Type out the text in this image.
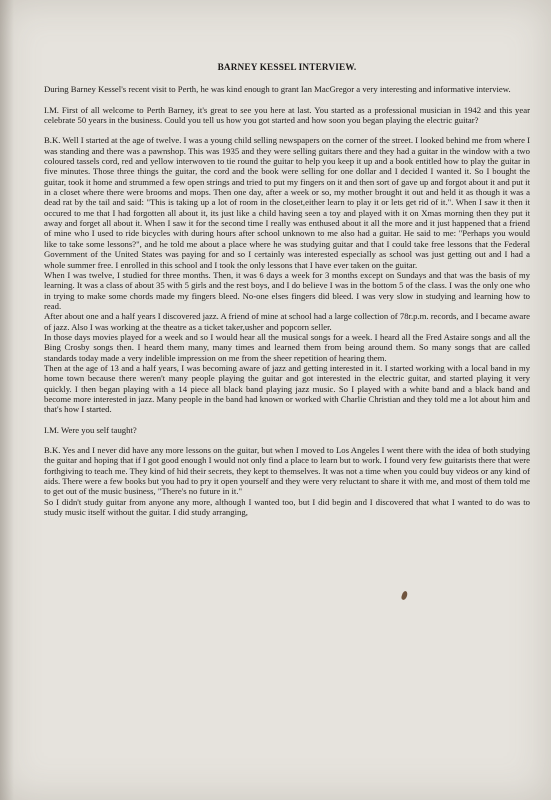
BARNEY KESSEL INTERVIEW.

During Barney Kessel's recent visit to Perth, he was kind enough to grant Ian MacGregor a very interesting and informative interview.

I.M. First of all welcome to Perth Barney, it's great to see you here at last. You started as a professional musician in 1942 and this year celebrate 50 years in the business. Could you tell us how you got started and how soon you began playing the electric guitar?

B.K. Well I started at the age of twelve. I was a young child selling newspapers on the corner of the street. I looked behind me from where I was standing and there was a pawnshop. This was 1935 and they were selling guitars there and they had a guitar in the window with a two coloured tassels cord, red and yellow interwoven to tie round the guitar to help you keep it up and a book entitled how to play the guitar in five minutes. Those three things the guitar, the cord and the book were selling for one dollar and I decided I wanted it. So I bought the guitar, took it home and strummed a few open strings and tried to put my fingers on it and then sort of gave up and forgot about it and put it in a closet where there were brooms and mops. Then one day, after a week or so, my mother brought it out and held it as though it was a dead rat by the tail and said: "This is taking up a lot of room in the closet,either learn to play it or lets get rid of it.". When I saw it then it occured to me that I had forgotten all about it, its just like a child having seen a toy and played with it on Xmas morning then they put it away and forget all about it. When I saw it for the second time I really was enthused about it all the more and it just happened that a friend of mine who I used to ride bicycles with during hours after school unknown to me also had a guitar. He said to me: "Perhaps you would like to take some lessons?", and he told me about a place where he was studying guitar and that I could take free lessons that the Federal Government of the United States was paying for and so I certainly was interested especially as school was just getting out and I had a whole summer free. I enrolled in this school and I took the only lessons that I have ever taken on the guitar.

When I was twelve, I studied for three months. Then, it was 6 days a week for 3 months except on Sundays and that was the basis of my learning. It was a class of about 35 with 5 girls and the rest boys, and I do believe I was in the bottom 5 of the class. I was the only one who in trying to make some chords made my fingers bleed. No-one elses fingers did bleed. I was very slow in studying and learning how to read.

After about one and a half years I discovered jazz. A friend of mine at school had a large collection of 78r.p.m. records, and I became aware of jazz. Also I was working at the theatre as a ticket taker,usher and popcorn seller.

In those days movies played for a week and so I would hear all the musical songs for a week. I heard all the Fred Astaire songs and all the Bing Crosby songs then. I heard them many, many times and learned them from being around them. So many songs that are called standards today made a very indelible impression on me from the sheer repetition of hearing them.

Then at the age of 13 and a half years, I was becoming aware of jazz and getting interested in it. I started working with a local band in my home town because there weren't many people playing the guitar and got interested in the electric guitar, and started playing it very quickly. I then began playing with a 14 piece all black band playing jazz music. So I played with a white band and a black band and become more interested in jazz. Many people in the band had known or worked with Charlie Christian and they told me a lot about him and that's how I started.

I.M. Were you self taught?

B.K. Yes and I never did have any more lessons on the guitar, but when I moved to Los Angeles I went there with the idea of both studying the guitar and hoping that if I got good enough I would not only find a place to learn but to work. I found very few guitarists there that were forthgiving to teach me. They kind of hid their secrets, they kept to themselves. It was not a time when you could buy videos or any kind of aids. There were a few books but you had to pry it open yourself and they were very reluctant to share it with me, and most of them told me to get out of the music business, "There's no future in it."

So I didn't study guitar from anyone any more, although I wanted too, but I did begin and I discovered that what I wanted to do was to study music itself without the guitar. I did study arranging,
